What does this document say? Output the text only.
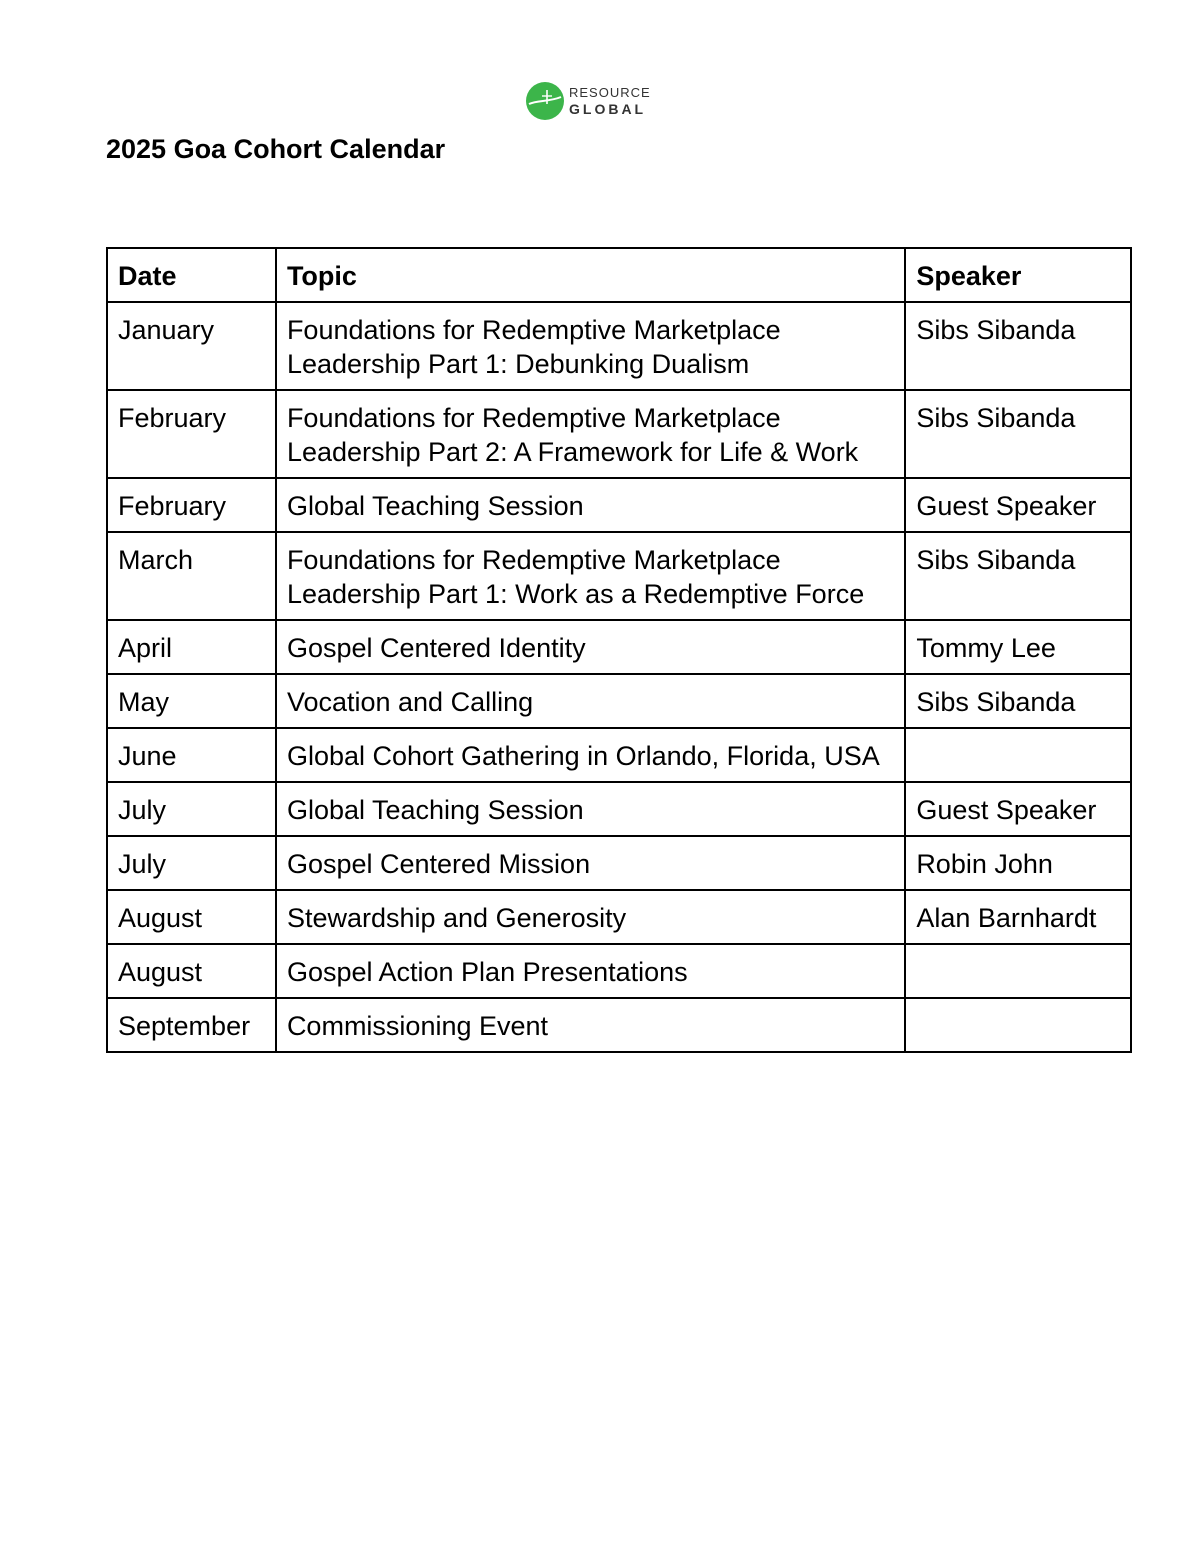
RESOURCE
GLOBAL
2025 Goa Cohort Calendar
Date	Topic	Speaker
January	Foundations for Redemptive Marketplace Leadership Part 1: Debunking Dualism	Sibs Sibanda
February	Foundations for Redemptive Marketplace Leadership Part 2: A Framework for Life & Work	Sibs Sibanda
February	Global Teaching Session	Guest Speaker
March	Foundations for Redemptive Marketplace Leadership Part 1: Work as a Redemptive Force	Sibs Sibanda
April	Gospel Centered Identity	Tommy Lee
May	Vocation and Calling	Sibs Sibanda
June	Global Cohort Gathering in Orlando, Florida, USA	
July	Global Teaching Session	Guest Speaker
July	Gospel Centered Mission	Robin John
August	Stewardship and Generosity	Alan Barnhardt
August	Gospel Action Plan Presentations	
September	Commissioning Event	
